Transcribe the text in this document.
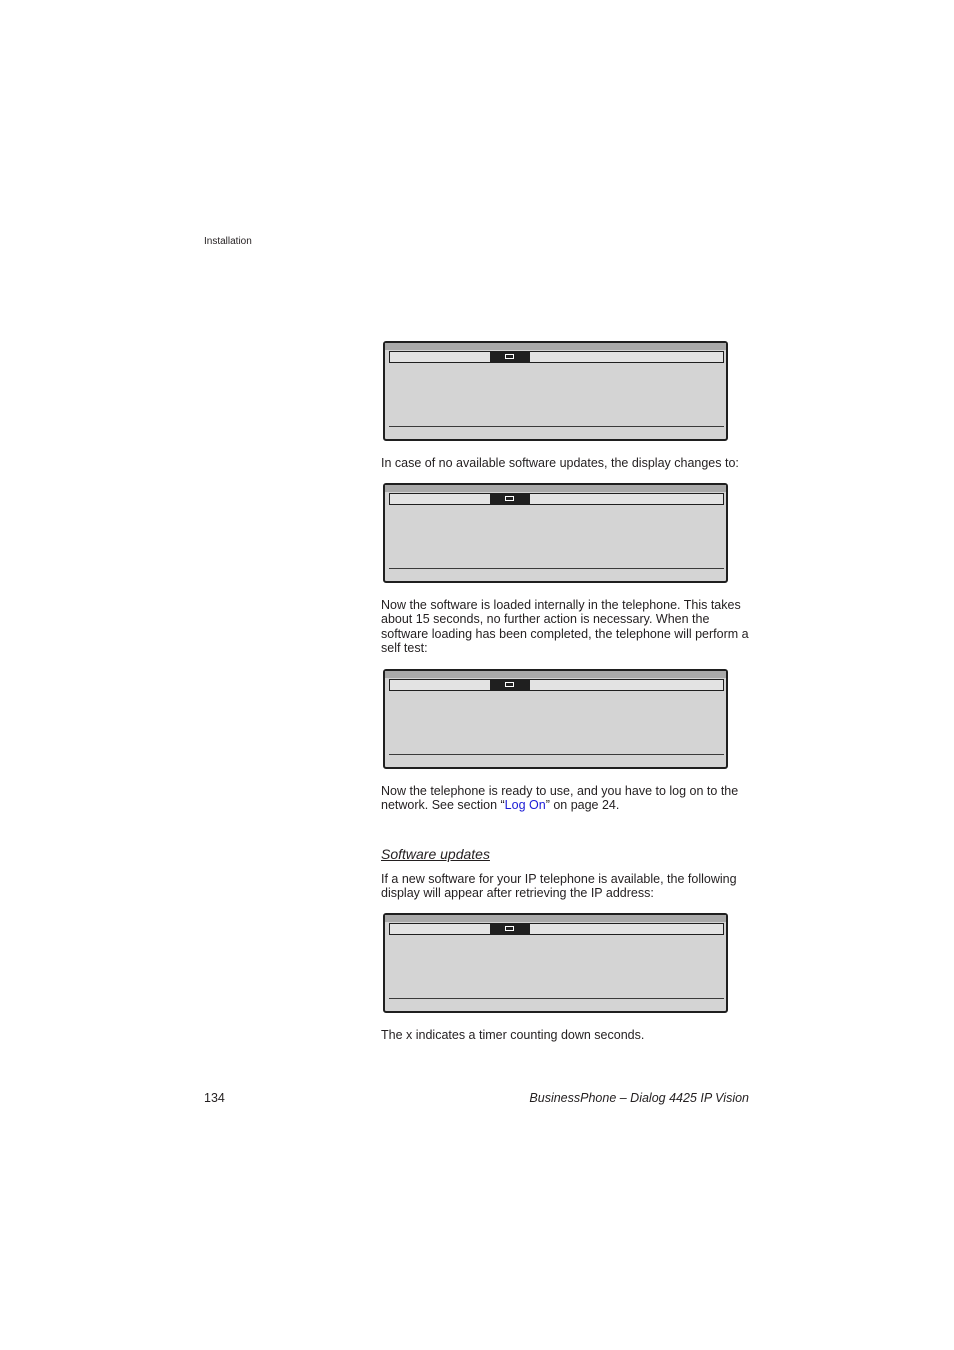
Installation
In case of no available software updates, the display changes to:
Now the software is loaded internally in the telephone. This takes about 15 seconds, no further action is necessary. When the software loading has been completed, the telephone will perform a self test:
Now the telephone is ready to use, and you have to log on to the network. See section “Log On” on page 24.
Software updates
If a new software for your IP telephone is available, the following display will appear after retrieving the IP address:
The x indicates a timer counting down seconds.
134	BusinessPhone – Dialog 4425 IP Vision
